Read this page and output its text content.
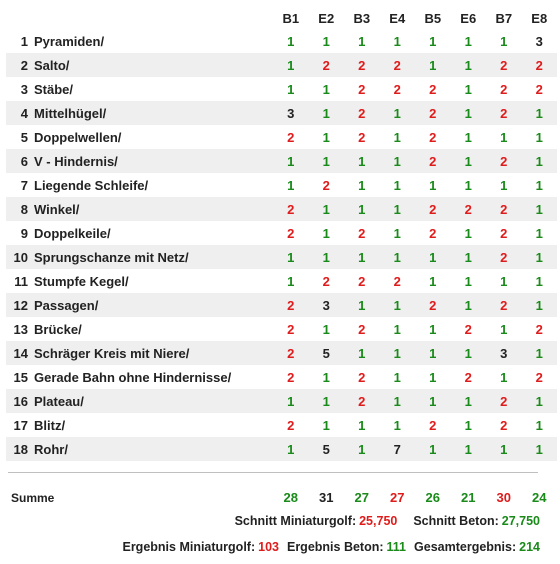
		B1	E2	B3	E4	B5	E6	B7	E8
1	Pyramiden/	1	1	1	1	1	1	1	3
2	Salto/	1	2	2	2	1	1	2	2
3	Stäbe/	1	1	2	2	2	1	2	2
4	Mittelhügel/	3	1	2	1	2	1	2	1
5	Doppelwellen/	2	1	2	1	2	1	1	1
6	V - Hindernis/	1	1	1	1	2	1	2	1
7	Liegende Schleife/	1	2	1	1	1	1	1	1
8	Winkel/	2	1	1	1	2	2	2	1
9	Doppelkeile/	2	1	2	1	2	1	2	1
10	Sprungschanze mit Netz/	1	1	1	1	1	1	2	1
11	Stumpfe Kegel/	1	2	2	2	1	1	1	1
12	Passagen/	2	3	1	1	2	1	2	1
13	Brücke/	2	1	2	1	1	2	1	2
14	Schräger Kreis mit Niere/	2	5	1	1	1	1	3	1
15	Gerade Bahn ohne Hindernisse/	2	1	2	1	1	2	1	2
16	Plateau/	1	1	2	1	1	1	2	1
17	Blitz/	2	1	1	1	2	1	2	1
18	Rohr/	1	5	1	7	1	1	1	1
Summe	28	31	27	27	26	21	30	24
Schnitt Miniaturgolf: 25,750 Schnitt Beton: 27,750
Ergebnis Miniaturgolf: 103 Ergebnis Beton: 111 Gesamtergebnis: 214
